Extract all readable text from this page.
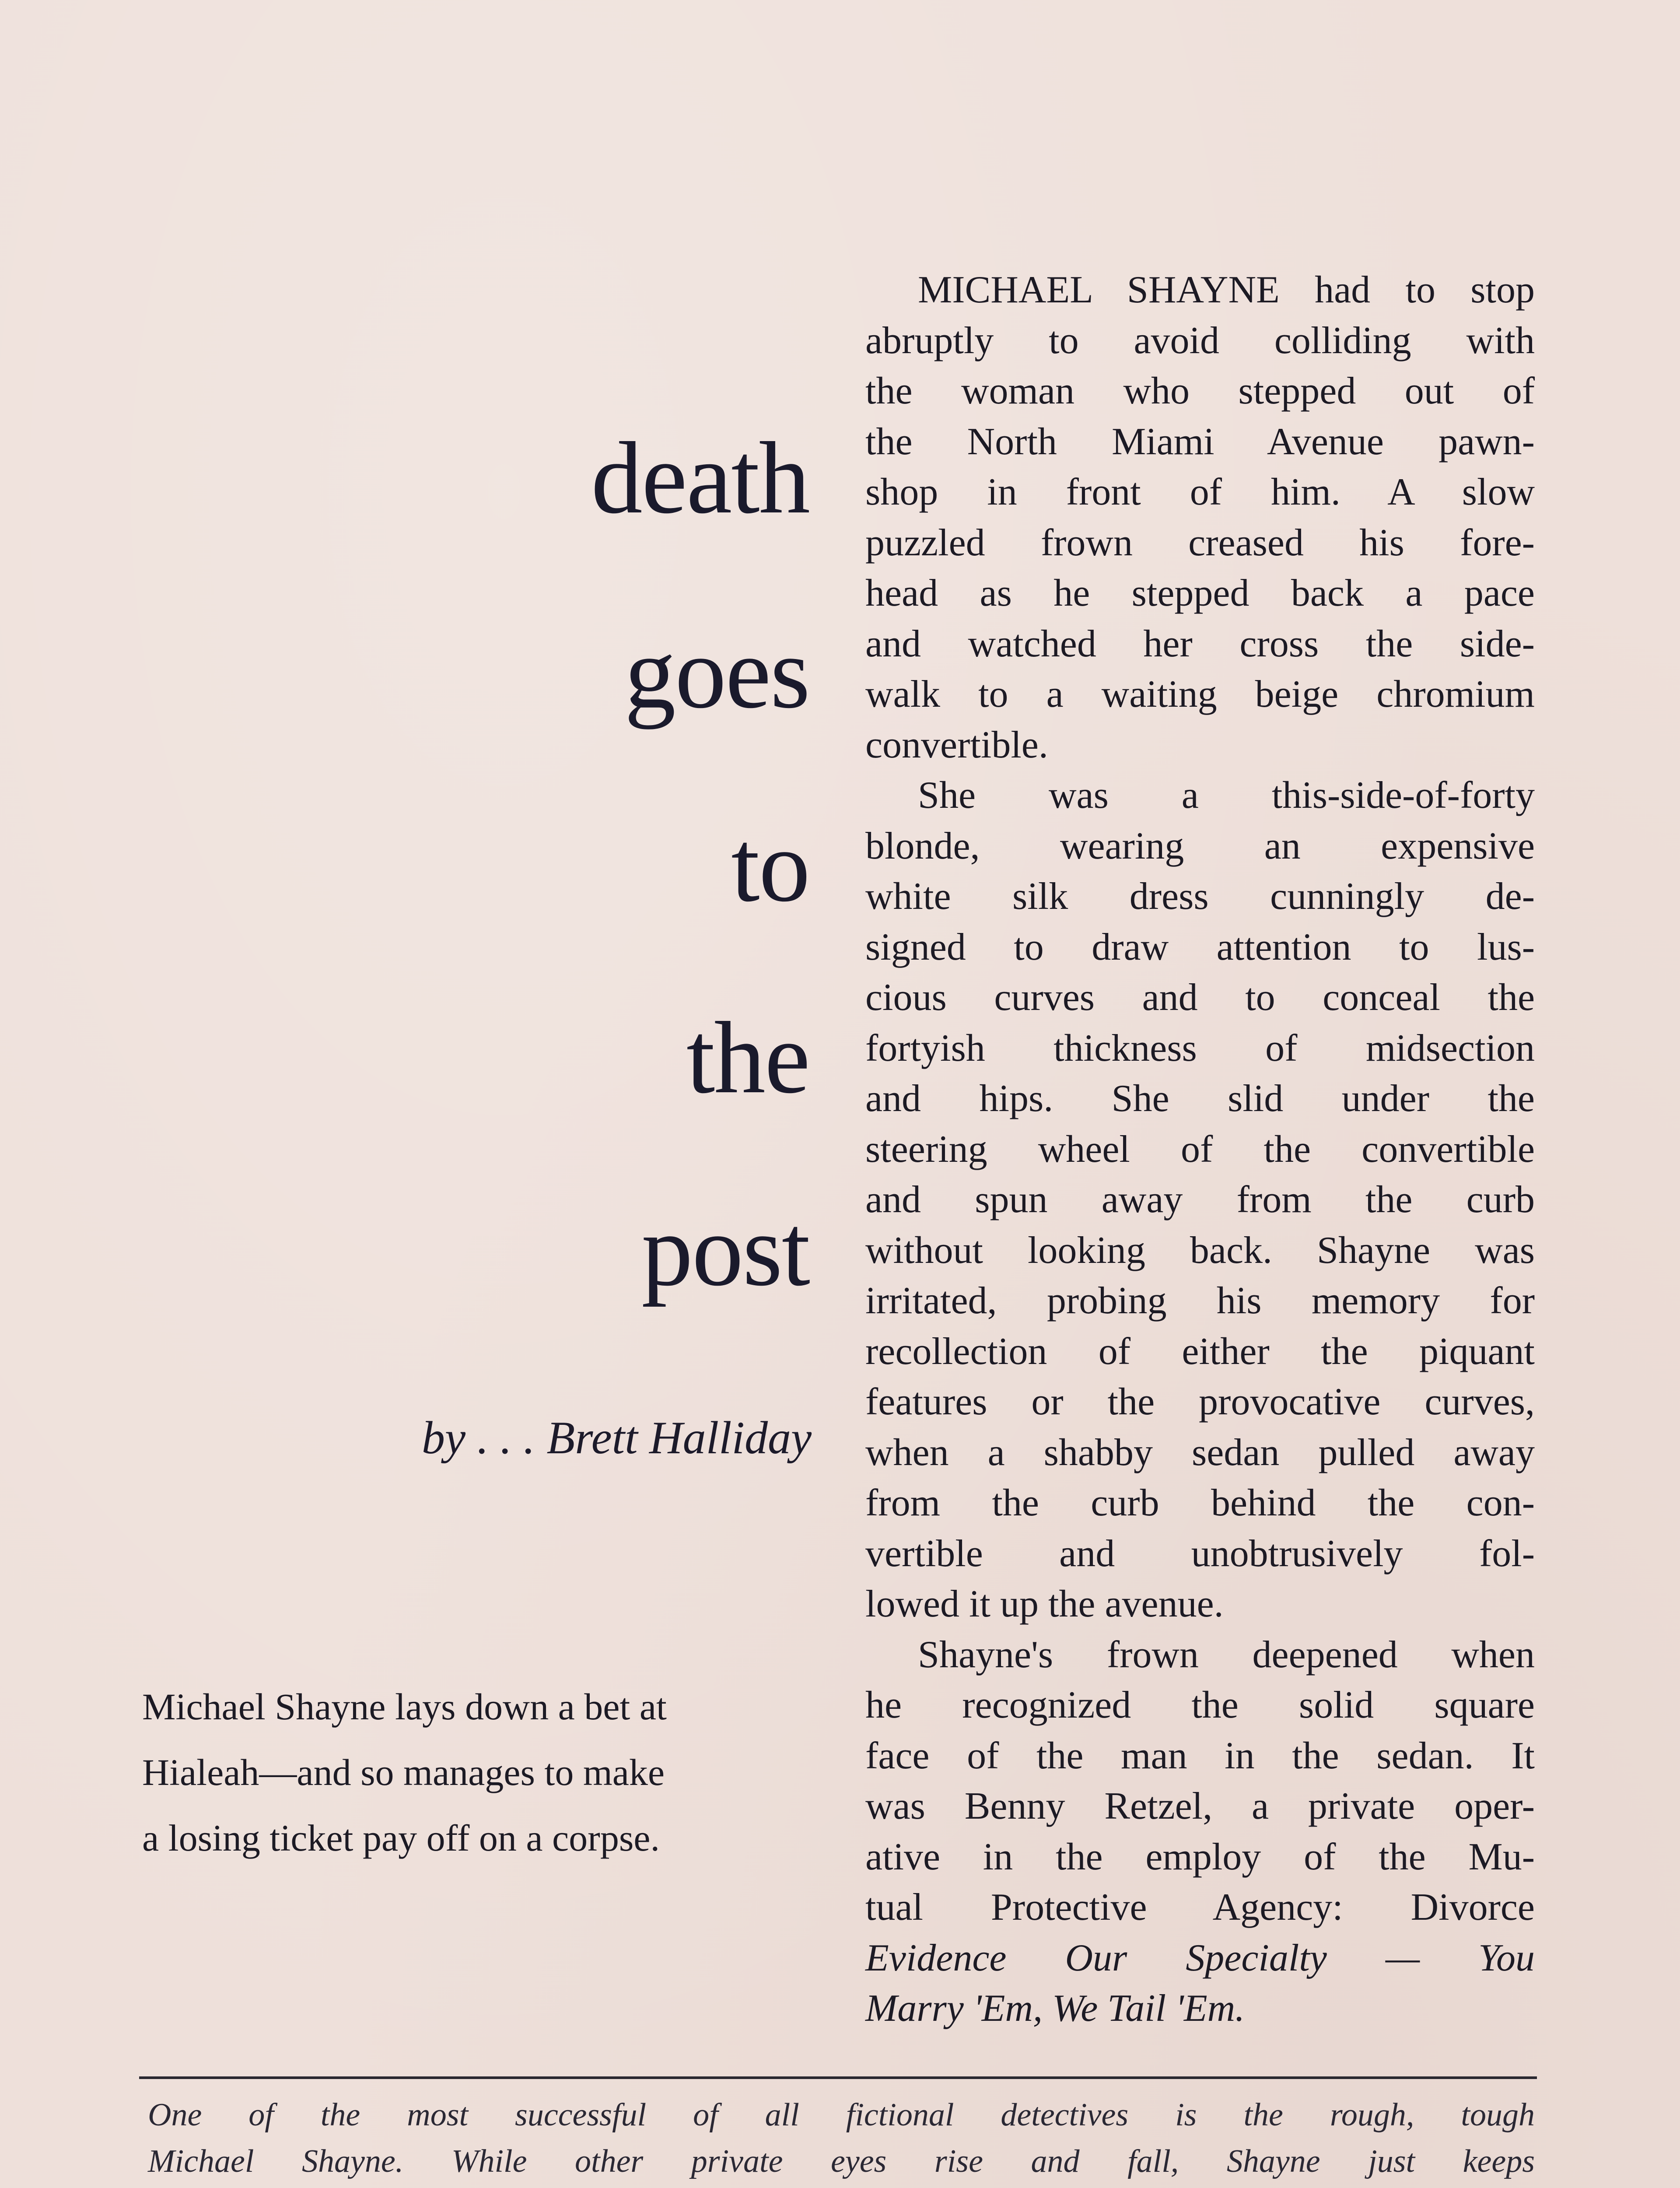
death
goes
to
the
post
by . . . Brett Halliday
Michael Shayne lays down a bet at
Hialeah—and so manages to make
a losing ticket pay off on a corpse.
MICHAEL SHAYNE had to stop
abruptly to avoid colliding with
the woman who stepped out of
the North Miami Avenue pawn-
shop in front of him. A slow
puzzled frown creased his fore-
head as he stepped back a pace
and watched her cross the side-
walk to a waiting beige chromium
convertible.
She was a this-side-of-forty
blonde, wearing an expensive
white silk dress cunningly de-
signed to draw attention to lus-
cious curves and to conceal the
fortyish thickness of midsection
and hips. She slid under the
steering wheel of the convertible
and spun away from the curb
without looking back. Shayne was
irritated, probing his memory for
recollection of either the piquant
features or the provocative curves,
when a shabby sedan pulled away
from the curb behind the con-
vertible and unobtrusively fol-
lowed it up the avenue.
Shayne's frown deepened when
he recognized the solid square
face of the man in the sedan. It
was Benny Retzel, a private oper-
ative in the employ of the Mu-
tual Protective Agency: Divorce
Evidence Our Specialty — You
Marry 'Em, We Tail 'Em.
One of the most successful of all fictional detectives is the rough, tough
Michael Shayne. While other private eyes rise and fall, Shayne just keeps
